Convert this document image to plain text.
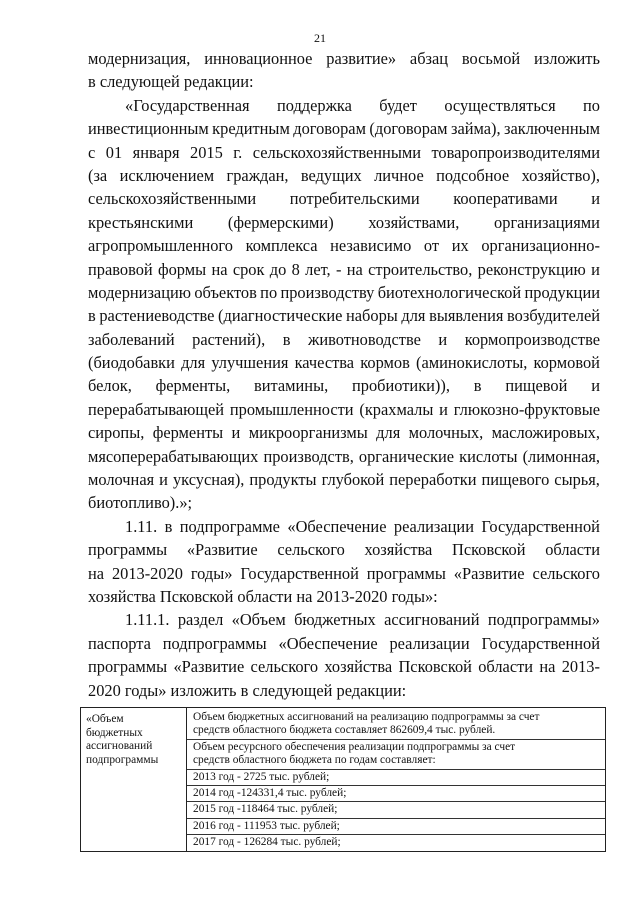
21
модернизация, инновационное развитие» абзац восьмой изложить
в следующей редакции:
«Государственная поддержка будет осуществляться по
инвестиционным кредитным договорам (договорам займа), заключенным
с 01 января 2015 г. сельскохозяйственными товаропроизводителями
(за исключением граждан, ведущих личное подсобное хозяйство),
сельскохозяйственными потребительскими кооперативами и
крестьянскими (фермерскими) хозяйствами, организациями
агропромышленного комплекса независимо от их организационно-
правовой формы на срок до 8 лет, - на строительство, реконструкцию и
модернизацию объектов по производству биотехнологической продукции
в растениеводстве (диагностические наборы для выявления возбудителей
заболеваний растений), в животноводстве и кормопроизводстве
(биодобавки для улучшения качества кормов (аминокислоты, кормовой
белок, ферменты, витамины, пробиотики)), в пищевой и
перерабатывающей промышленности (крахмалы и глюкозно-фруктовые
сиропы, ферменты и микроорганизмы для молочных, масложировых,
мясоперерабатывающих производств, органические кислоты (лимонная,
молочная и уксусная), продукты глубокой переработки пищевого сырья,
биотопливо).»;
1.11. в подпрограмме «Обеспечение реализации Государственной
программы «Развитие сельского хозяйства Псковской области
на 2013-2020 годы» Государственной программы «Развитие сельского
хозяйства Псковской области на 2013-2020 годы»:
1.11.1. раздел «Объем бюджетных ассигнований подпрограммы»
паспорта подпрограммы «Обеспечение реализации Государственной
программы «Развитие сельского хозяйства Псковской области на 2013-
2020 годы» изложить в следующей редакции:
«Объем
бюджетных
ассигнований
подпрограммы
Объем бюджетных ассигнований на реализацию подпрограммы за счет
средств областного бюджета составляет 862609,4 тыс. рублей.
Объем ресурсного обеспечения реализации подпрограммы за счет
средств областного бюджета по годам составляет:
2013 год - 2725 тыс. рублей;
2014 год -124331,4 тыс. рублей;
2015 год -118464 тыс. рублей;
2016 год - 111953 тыс. рублей;
2017 год - 126284 тыс. рублей;
